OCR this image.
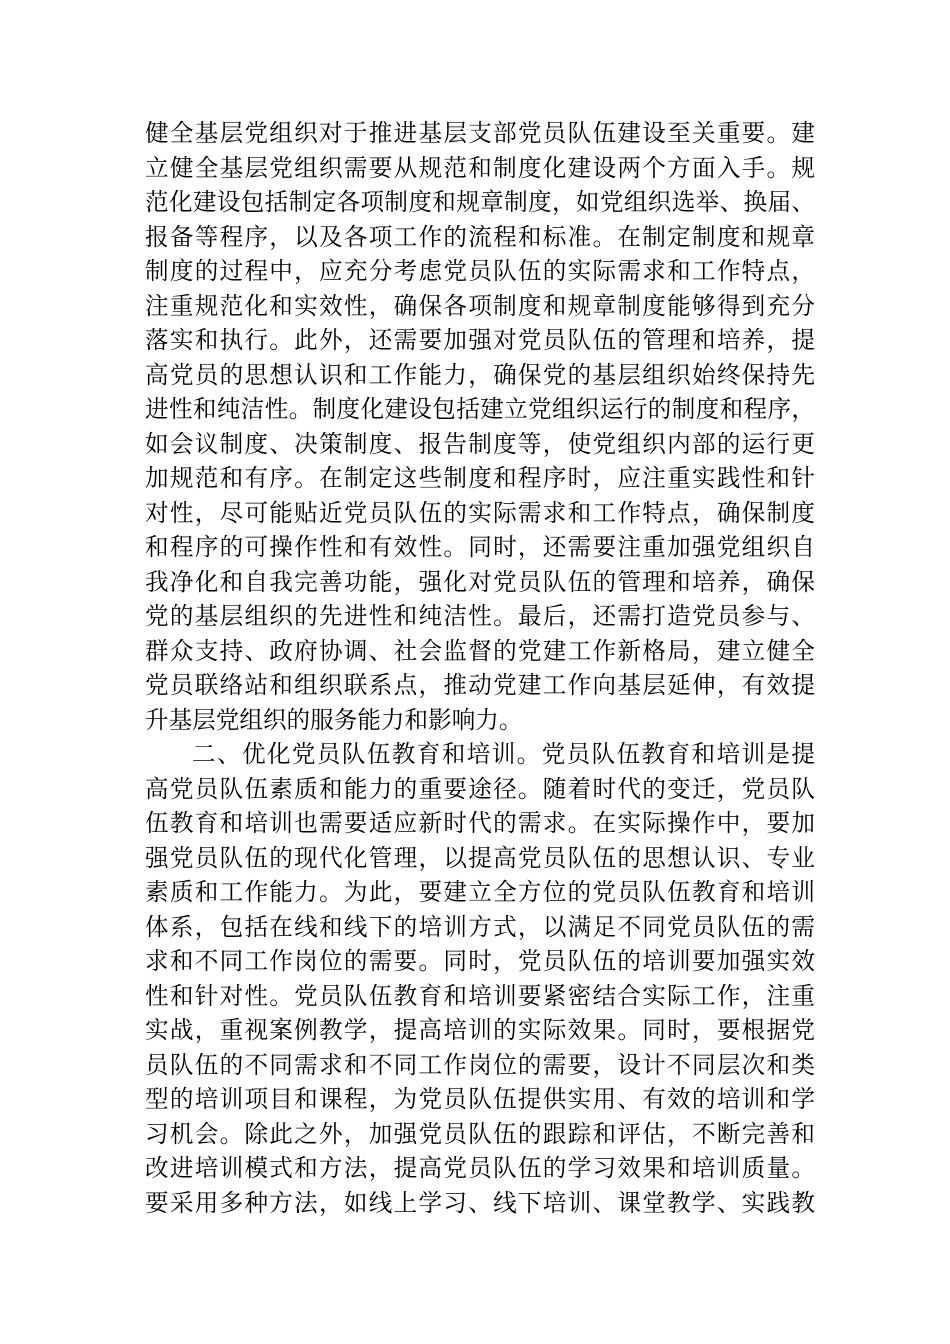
健全基层党组织对于推进基层支部党员队伍建设至关重要。建
立健全基层党组织需要从规范和制度化建设两个方面入手。规
范化建设包括制定各项制度和规章制度，如党组织选举、换届、
报备等程序，以及各项工作的流程和标准。在制定制度和规章
制度的过程中，应充分考虑党员队伍的实际需求和工作特点，
注重规范化和实效性，确保各项制度和规章制度能够得到充分
落实和执行。此外，还需要加强对党员队伍的管理和培养，提
高党员的思想认识和工作能力，确保党的基层组织始终保持先
进性和纯洁性。制度化建设包括建立党组织运行的制度和程序，
如会议制度、决策制度、报告制度等，使党组织内部的运行更
加规范和有序。在制定这些制度和程序时，应注重实践性和针
对性，尽可能贴近党员队伍的实际需求和工作特点，确保制度
和程序的可操作性和有效性。同时，还需要注重加强党组织自
我净化和自我完善功能，强化对党员队伍的管理和培养，确保
党的基层组织的先进性和纯洁性。最后，还需打造党员参与、
群众支持、政府协调、社会监督的党建工作新格局，建立健全
党员联络站和组织联系点，推动党建工作向基层延伸，有效提
升基层党组织的服务能力和影响力。
二、优化党员队伍教育和培训。党员队伍教育和培训是提
高党员队伍素质和能力的重要途径。随着时代的变迁，党员队
伍教育和培训也需要适应新时代的需求。在实际操作中，要加
强党员队伍的现代化管理，以提高党员队伍的思想认识、专业
素质和工作能力。为此，要建立全方位的党员队伍教育和培训
体系，包括在线和线下的培训方式，以满足不同党员队伍的需
求和不同工作岗位的需要。同时，党员队伍的培训要加强实效
性和针对性。党员队伍教育和培训要紧密结合实际工作，注重
实战，重视案例教学，提高培训的实际效果。同时，要根据党
员队伍的不同需求和不同工作岗位的需要，设计不同层次和类
型的培训项目和课程，为党员队伍提供实用、有效的培训和学
习机会。除此之外，加强党员队伍的跟踪和评估，不断完善和
改进培训模式和方法，提高党员队伍的学习效果和培训质量。
要采用多种方法，如线上学习、线下培训、课堂教学、实践教
